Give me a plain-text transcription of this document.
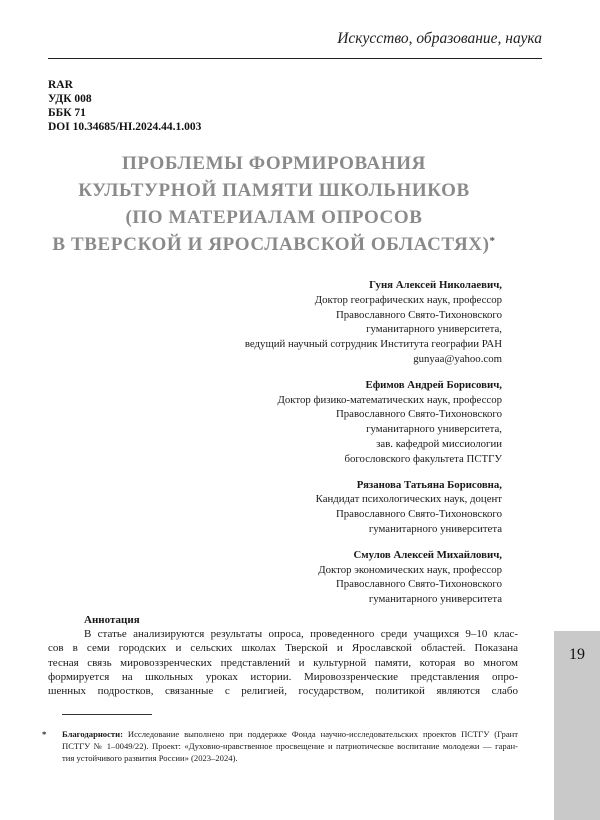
Искусство, образование, наука
RAR
УДК 008
ББК 71
DOI 10.34685/HI.2024.44.1.003
ПРОБЛЕМЫ ФОРМИРОВАНИЯ
КУЛЬТУРНОЙ ПАМЯТИ ШКОЛЬНИКОВ
(ПО МАТЕРИАЛАМ ОПРОСОВ
В ТВЕРСКОЙ И ЯРОСЛАВСКОЙ ОБЛАСТЯХ)*
Гуня Алексей Николаевич,
Доктор географических наук, профессор
Православного Свято-Тихоновского
гуманитарного университета,
ведущий научный сотрудник Института географии РАН
gunyaa@yahoo.com
Ефимов Андрей Борисович,
Доктор физико-математических наук, профессор
Православного Свято-Тихоновского
гуманитарного университета,
зав. кафедрой миссиологии
богословского факультета ПСТГУ
Рязанова Татьяна Борисовна,
Кандидат психологических наук, доцент
Православного Свято-Тихоновского
гуманитарного университета
Смулов Алексей Михайлович,
Доктор экономических наук, профессор
Православного Свято-Тихоновского
гуманитарного университета
Аннотация
В статье анализируются результаты опроса, проведенного среди учащихся 9–10 клас-
сов в семи городских и сельских школах Тверской и Ярославской областей. Показана
тесная связь мировоззренческих представлений и культурной памяти, которая во многом
формируется на школьных уроках истории. Мировоззренческие представления опро-
шенных подростков, связанные с религией, государством, политикой являются слабо
* Благодарности: Исследование выполнено при поддержке Фонда научно-исследовательских проектов ПСТГУ (Грант
ПСТГУ № 1–0049/22). Проект: «Духовно-нравственное просвещение и патриотическое воспитание молодежи — гаран-
тия устойчивого развития России» (2023–2024).
19
